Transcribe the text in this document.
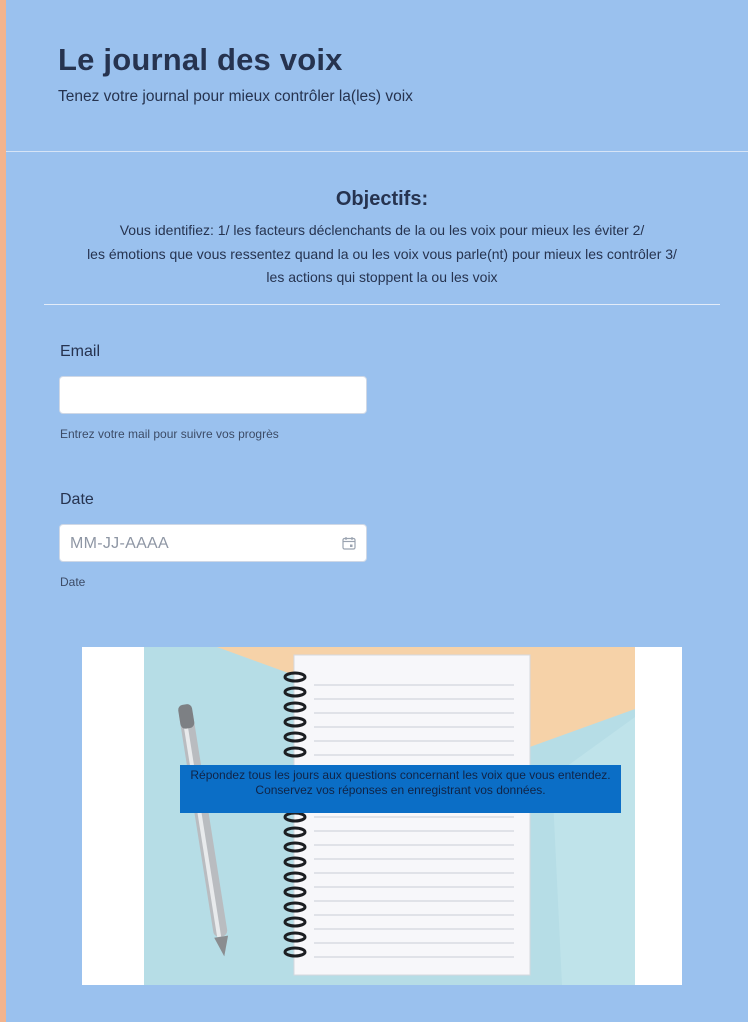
Le journal des voix
Tenez votre journal pour mieux contrôler la(les) voix
Objectifs:
Vous identifiez: 1/ les facteurs déclenchants de la ou les voix pour mieux les éviter 2/
les émotions que vous ressentez quand la ou les voix vous parle(nt) pour mieux les contrôler 3/
les actions qui stoppent la ou les voix
Email
Entrez votre mail pour suivre vos progrès
Date
MM-JJ-AAAA
Date
Répondez tous les jours aux questions concernant les voix que vous entendez.
Conservez vos réponses en enregistrant vos données.
